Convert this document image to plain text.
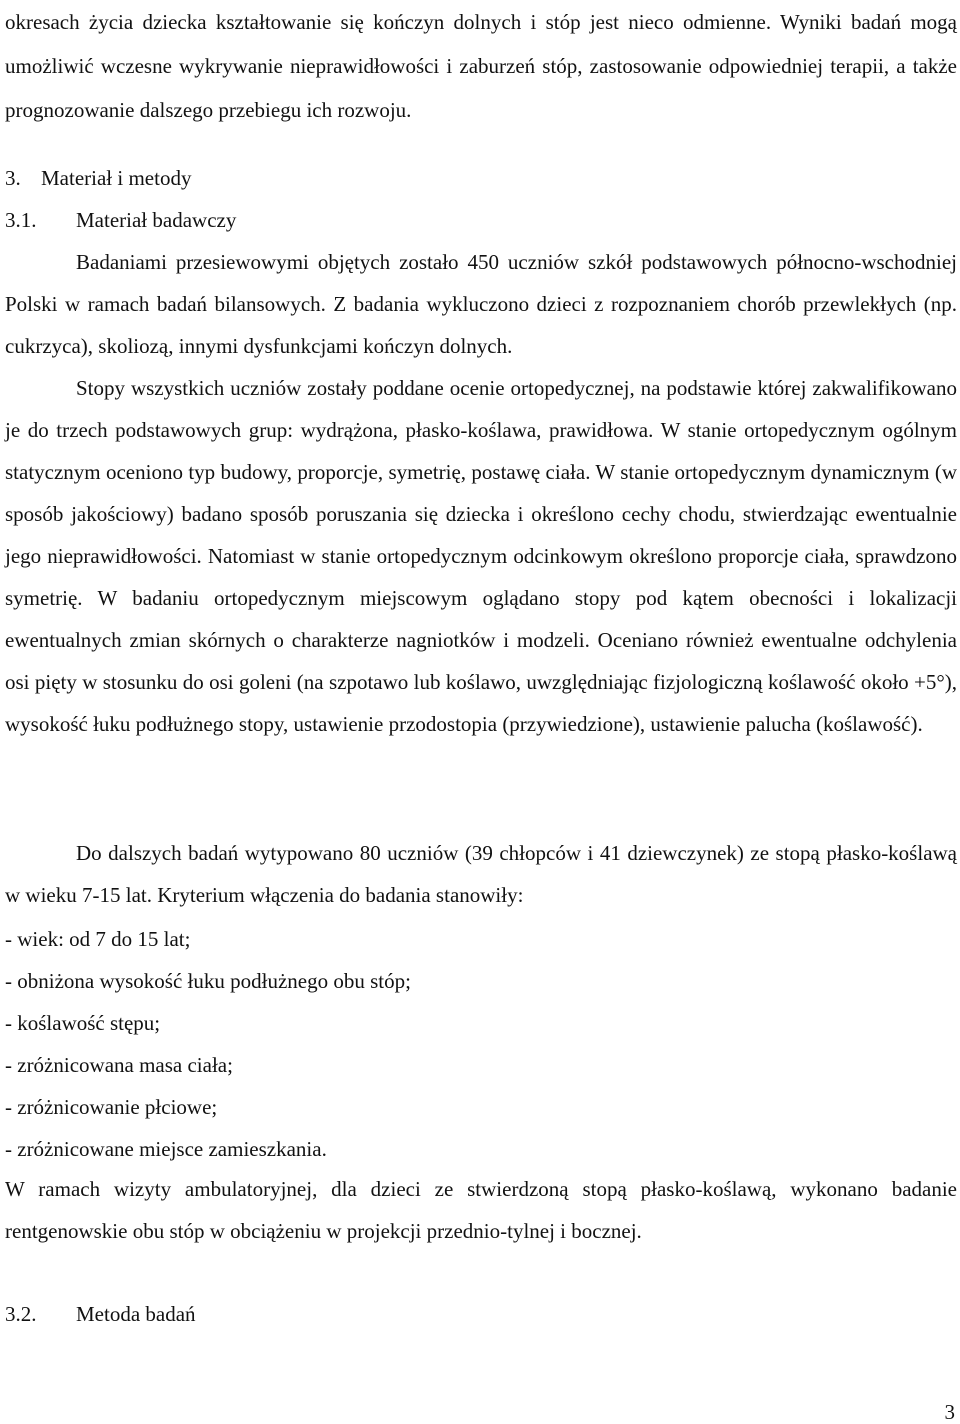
okresach życia dziecka kształtowanie się kończyn dolnych i stóp jest nieco odmienne. Wyniki badań mogą umożliwić wczesne wykrywanie nieprawidłowości i zaburzeń stóp, zastosowanie odpowiedniej terapii, a także prognozowanie dalszego przebiegu ich rozwoju.

3. Materiał i metody
3.1. Materiał badawczy

Badaniami przesiewowymi objętych zostało 450 uczniów szkół podstawowych północno-wschodniej Polski w ramach badań bilansowych. Z badania wykluczono dzieci z rozpoznaniem chorób przewlekłych (np. cukrzyca), skoliozą, innymi dysfunkcjami kończyn dolnych.

Stopy wszystkich uczniów zostały poddane ocenie ortopedycznej, na podstawie której zakwalifikowano je do trzech podstawowych grup: wydrążona, płasko-koślawa, prawidłowa. W stanie ortopedycznym ogólnym statycznym oceniono typ budowy, proporcje, symetrię, postawę ciała. W stanie ortopedycznym dynamicznym (w sposób jakościowy) badano sposób poruszania się dziecka i określono cechy chodu, stwierdzając ewentualnie jego nieprawidłowości. Natomiast w stanie ortopedycznym odcinkowym określono proporcje ciała, sprawdzono symetrię. W badaniu ortopedycznym miejscowym oglądano stopy pod kątem obecności i lokalizacji ewentualnych zmian skórnych o charakterze nagniotków i modzeli. Oceniano również ewentualne odchylenia osi pięty w stosunku do osi goleni (na szpotawo lub koślawo, uwzględniając fizjologiczną koślawość około +5°), wysokość łuku podłużnego stopy, ustawienie przodostopia (przywiedzione), ustawienie palucha (koślawość).

Do dalszych badań wytypowano 80 uczniów (39 chłopców i 41 dziewczynek) ze stopą płasko-koślawą w wieku 7-15 lat. Kryterium włączenia do badania stanowiły:

- wiek: od 7 do 15 lat;
- obniżona wysokość łuku podłużnego obu stóp;
- koślawość stępu;
- zróżnicowana masa ciała;
- zróżnicowanie płciowe;
- zróżnicowane miejsce zamieszkania.

W ramach wizyty ambulatoryjnej, dla dzieci ze stwierdzoną stopą płasko-koślawą, wykonano badanie rentgenowskie obu stóp w obciążeniu w projekcji przednio-tylnej i bocznej.

3.2. Metoda badań
3
